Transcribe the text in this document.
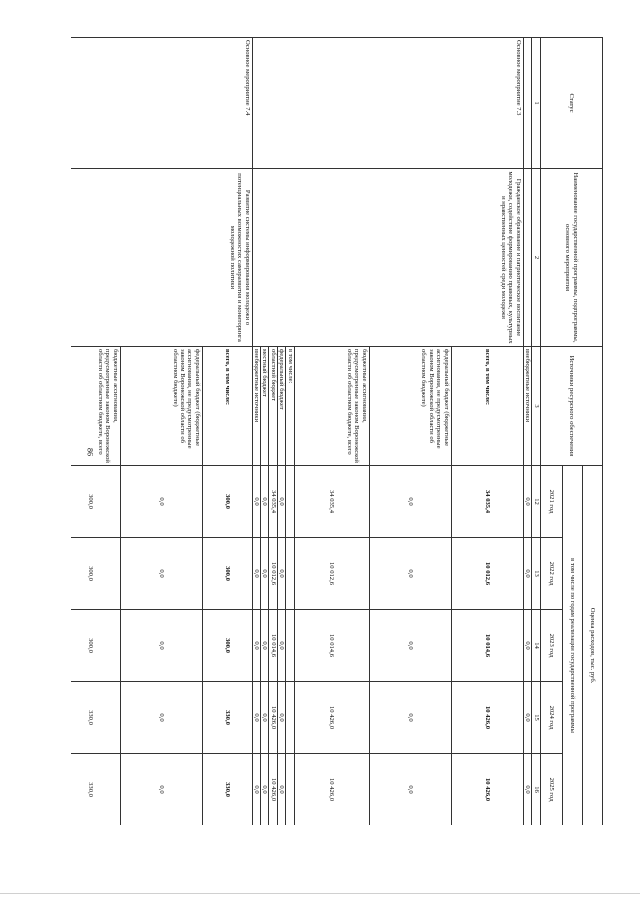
86
Статус	Наименование государственной программы, подпрограммы, основного мероприятия	Источники ресурсного обеспечения	Оценка расходов, тыс. руб.				
			в том числе по годам реализации государственной программы				
			2021 год	2022 год	2023 год	2024 год	2025 год
1	2	3	12	13	14	15	16
		внебюджетные источники	0,0	0,0	0,0	0,0	0,0
Основное мероприятие 7.3	Гражданское образование и патриотическое воспитание молодежи, содействие формированию правовых, культурных и нравственных ценностей среди молодежи	всего, в том числе:	34 035,4	10 012,6	10 014,6	10 426,0	10 426,0
		федеральный бюджет (бюджетные ассигнования, не предусмотренные законом Воронежской области об областном бюджете)	0,0	0,0	0,0	0,0	0,0
		бюджетные ассигнования, предусмотренные законом Воронежской области об областном бюджете, всего	34 035,4	10 012,6	10 014,6	10 426,0	10 426,0
		в том числе:					
		федеральный бюджет	0,0	0,0	0,0	0,0	0,0
		областной бюджет	34 035,4	10 012,6	10 014,6	10 426,0	10 426,0
		местный бюджет	0,0	0,0	0,0	0,0	0,0
		внебюджетные источники	0,0	0,0	0,0	0,0	0,0
Основное мероприятие 7.4	Развитие системы информирования молодежи о потенциальных возможностях саморазвития и мониторинга молодежной политики	всего, в том числе:	300,0	300,0	300,0	330,0	330,0
		федеральный бюджет (бюджетные ассигнования, не предусмотренные законом Воронежской области об областном бюджете)	0,0	0,0	0,0	0,0	0,0
		бюджетные ассигнования, предусмотренные законом Воронежской области об областном бюджете, всего	300,0	300,0	300,0	330,0	330,0
